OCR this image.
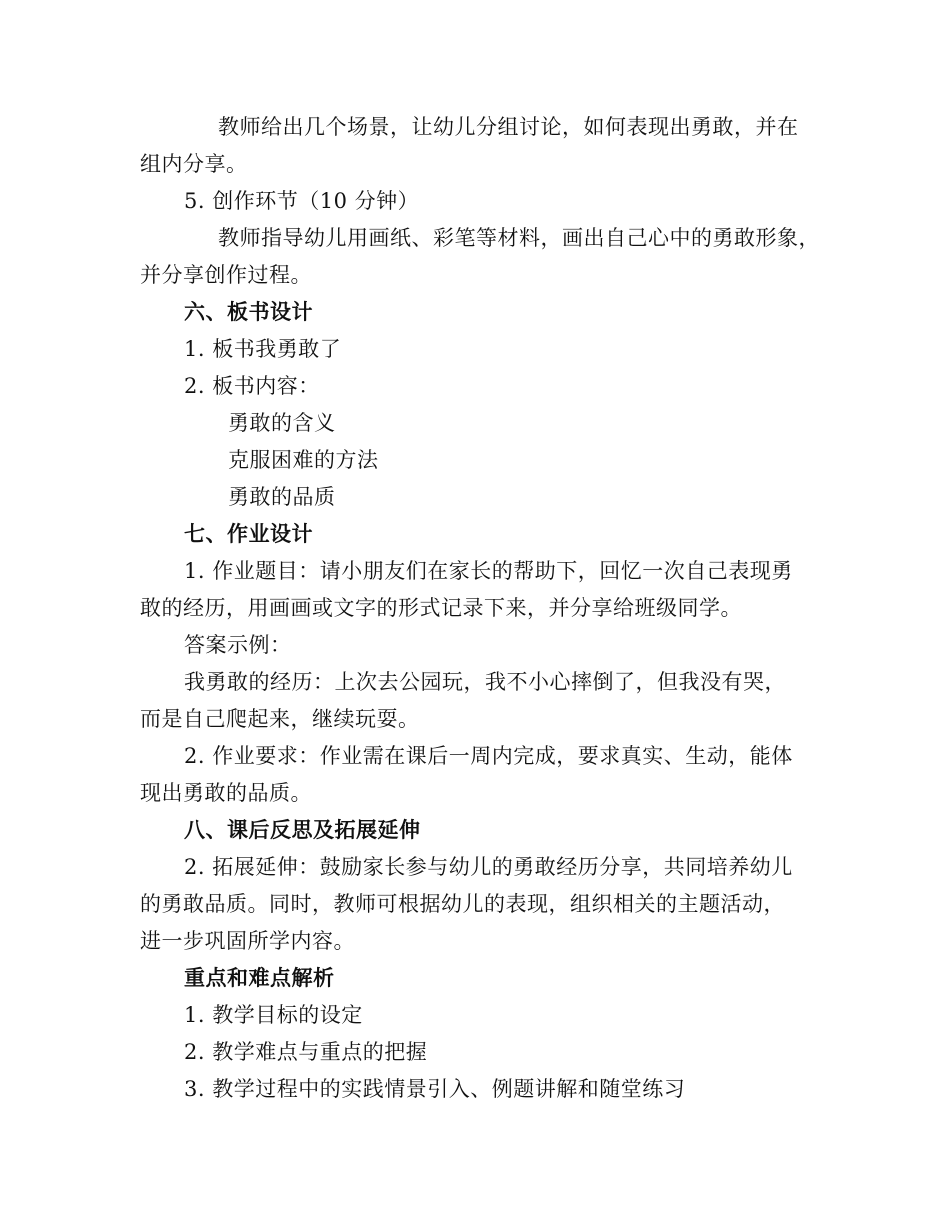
教师给出几个场景，让幼儿分组讨论，如何表现出勇敢，并在
组内分享。
5. 创作环节（10 分钟）
教师指导幼儿用画纸、彩笔等材料，画出自己心中的勇敢形象，
并分享创作过程。
六、板书设计
1. 板书我勇敢了
2. 板书内容：
勇敢的含义
克服困难的方法
勇敢的品质
七、作业设计
1. 作业题目：请小朋友们在家长的帮助下，回忆一次自己表现勇
敢的经历，用画画或文字的形式记录下来，并分享给班级同学。
答案示例：
我勇敢的经历：上次去公园玩，我不小心摔倒了，但我没有哭，
而是自己爬起来，继续玩耍。
2. 作业要求：作业需在课后一周内完成，要求真实、生动，能体
现出勇敢的品质。
八、课后反思及拓展延伸
2. 拓展延伸：鼓励家长参与幼儿的勇敢经历分享，共同培养幼儿
的勇敢品质。同时，教师可根据幼儿的表现，组织相关的主题活动，
进一步巩固所学内容。
重点和难点解析
1. 教学目标的设定
2. 教学难点与重点的把握
3. 教学过程中的实践情景引入、例题讲解和随堂练习
